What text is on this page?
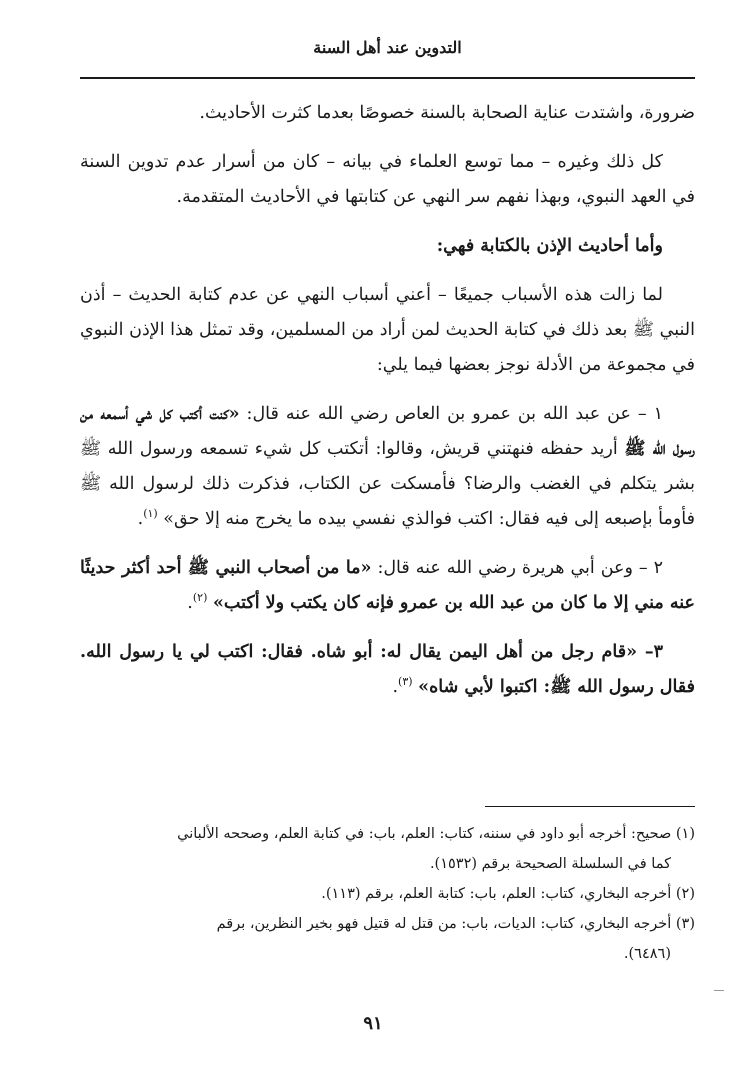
التدوين عند أهل السنة

ضرورة، واشتدت عناية الصحابة بالسنة خصوصًا بعدما كثرت الأحاديث.

كل ذلك وغيره – مما توسع العلماء في بيانه – كان من أسرار عدم تدوين السنة في العهد النبوي، وبهذا نفهم سر النهي عن كتابتها في الأحاديث المتقدمة.

وأما أحاديث الإذن بالكتابة فهي:

لما زالت هذه الأسباب جميعًا – أعني أسباب النهي عن عدم كتابة الحديث – أذن النبي ﷺ بعد ذلك في كتابة الحديث لمن أراد من المسلمين، وقد تمثل هذا الإذن النبوي في مجموعة من الأدلة نوجز بعضها فيما يلي:

١ – عن عبد الله بن عمرو بن العاص رضي الله عنه قال: «كنت أكتب كل شي أسمعه من رسول الله ﷺ أريد حفظه فنهتني قريش، وقالوا: أتكتب كل شيء تسمعه ورسول الله ﷺ بشر يتكلم في الغضب والرضا؟ فأمسكت عن الكتاب، فذكرت ذلك لرسول الله ﷺ فأومأ بإصبعه إلى فيه فقال: اكتب فوالذي نفسي بيده ما يخرج منه إلا حق» $^{(١)}$.

٢ – وعن أبي هريرة رضي الله عنه قال: «ما من أصحاب النبي ﷺ أحد أكثر حديثًا عنه مني إلا ما كان من عبد الله بن عمرو فإنه كان يكتب ولا أكتب» $^{(٢)}$.

٣– «قام رجل من أهل اليمن يقال له: أبو شاه. فقال: اكتب لي يا رسول الله. فقال رسول الله ﷺ: اكتبوا لأبي شاه» $^{(٣)}$.

(١) صحيح: أخرجه أبو داود في سننه، كتاب: العلم، باب: في كتابة العلم، وصححه الألباني

كما في السلسلة الصحيحة برقم (١٥٣٢).

(٢) أخرجه البخاري، كتاب: العلم، باب: كتابة العلم، برقم (١١٣).

(٣) أخرجه البخاري، كتاب: الديات، باب: من قتل له قتيل فهو بخير النظرين، برقم

(٦٤٨٦).

٩١
